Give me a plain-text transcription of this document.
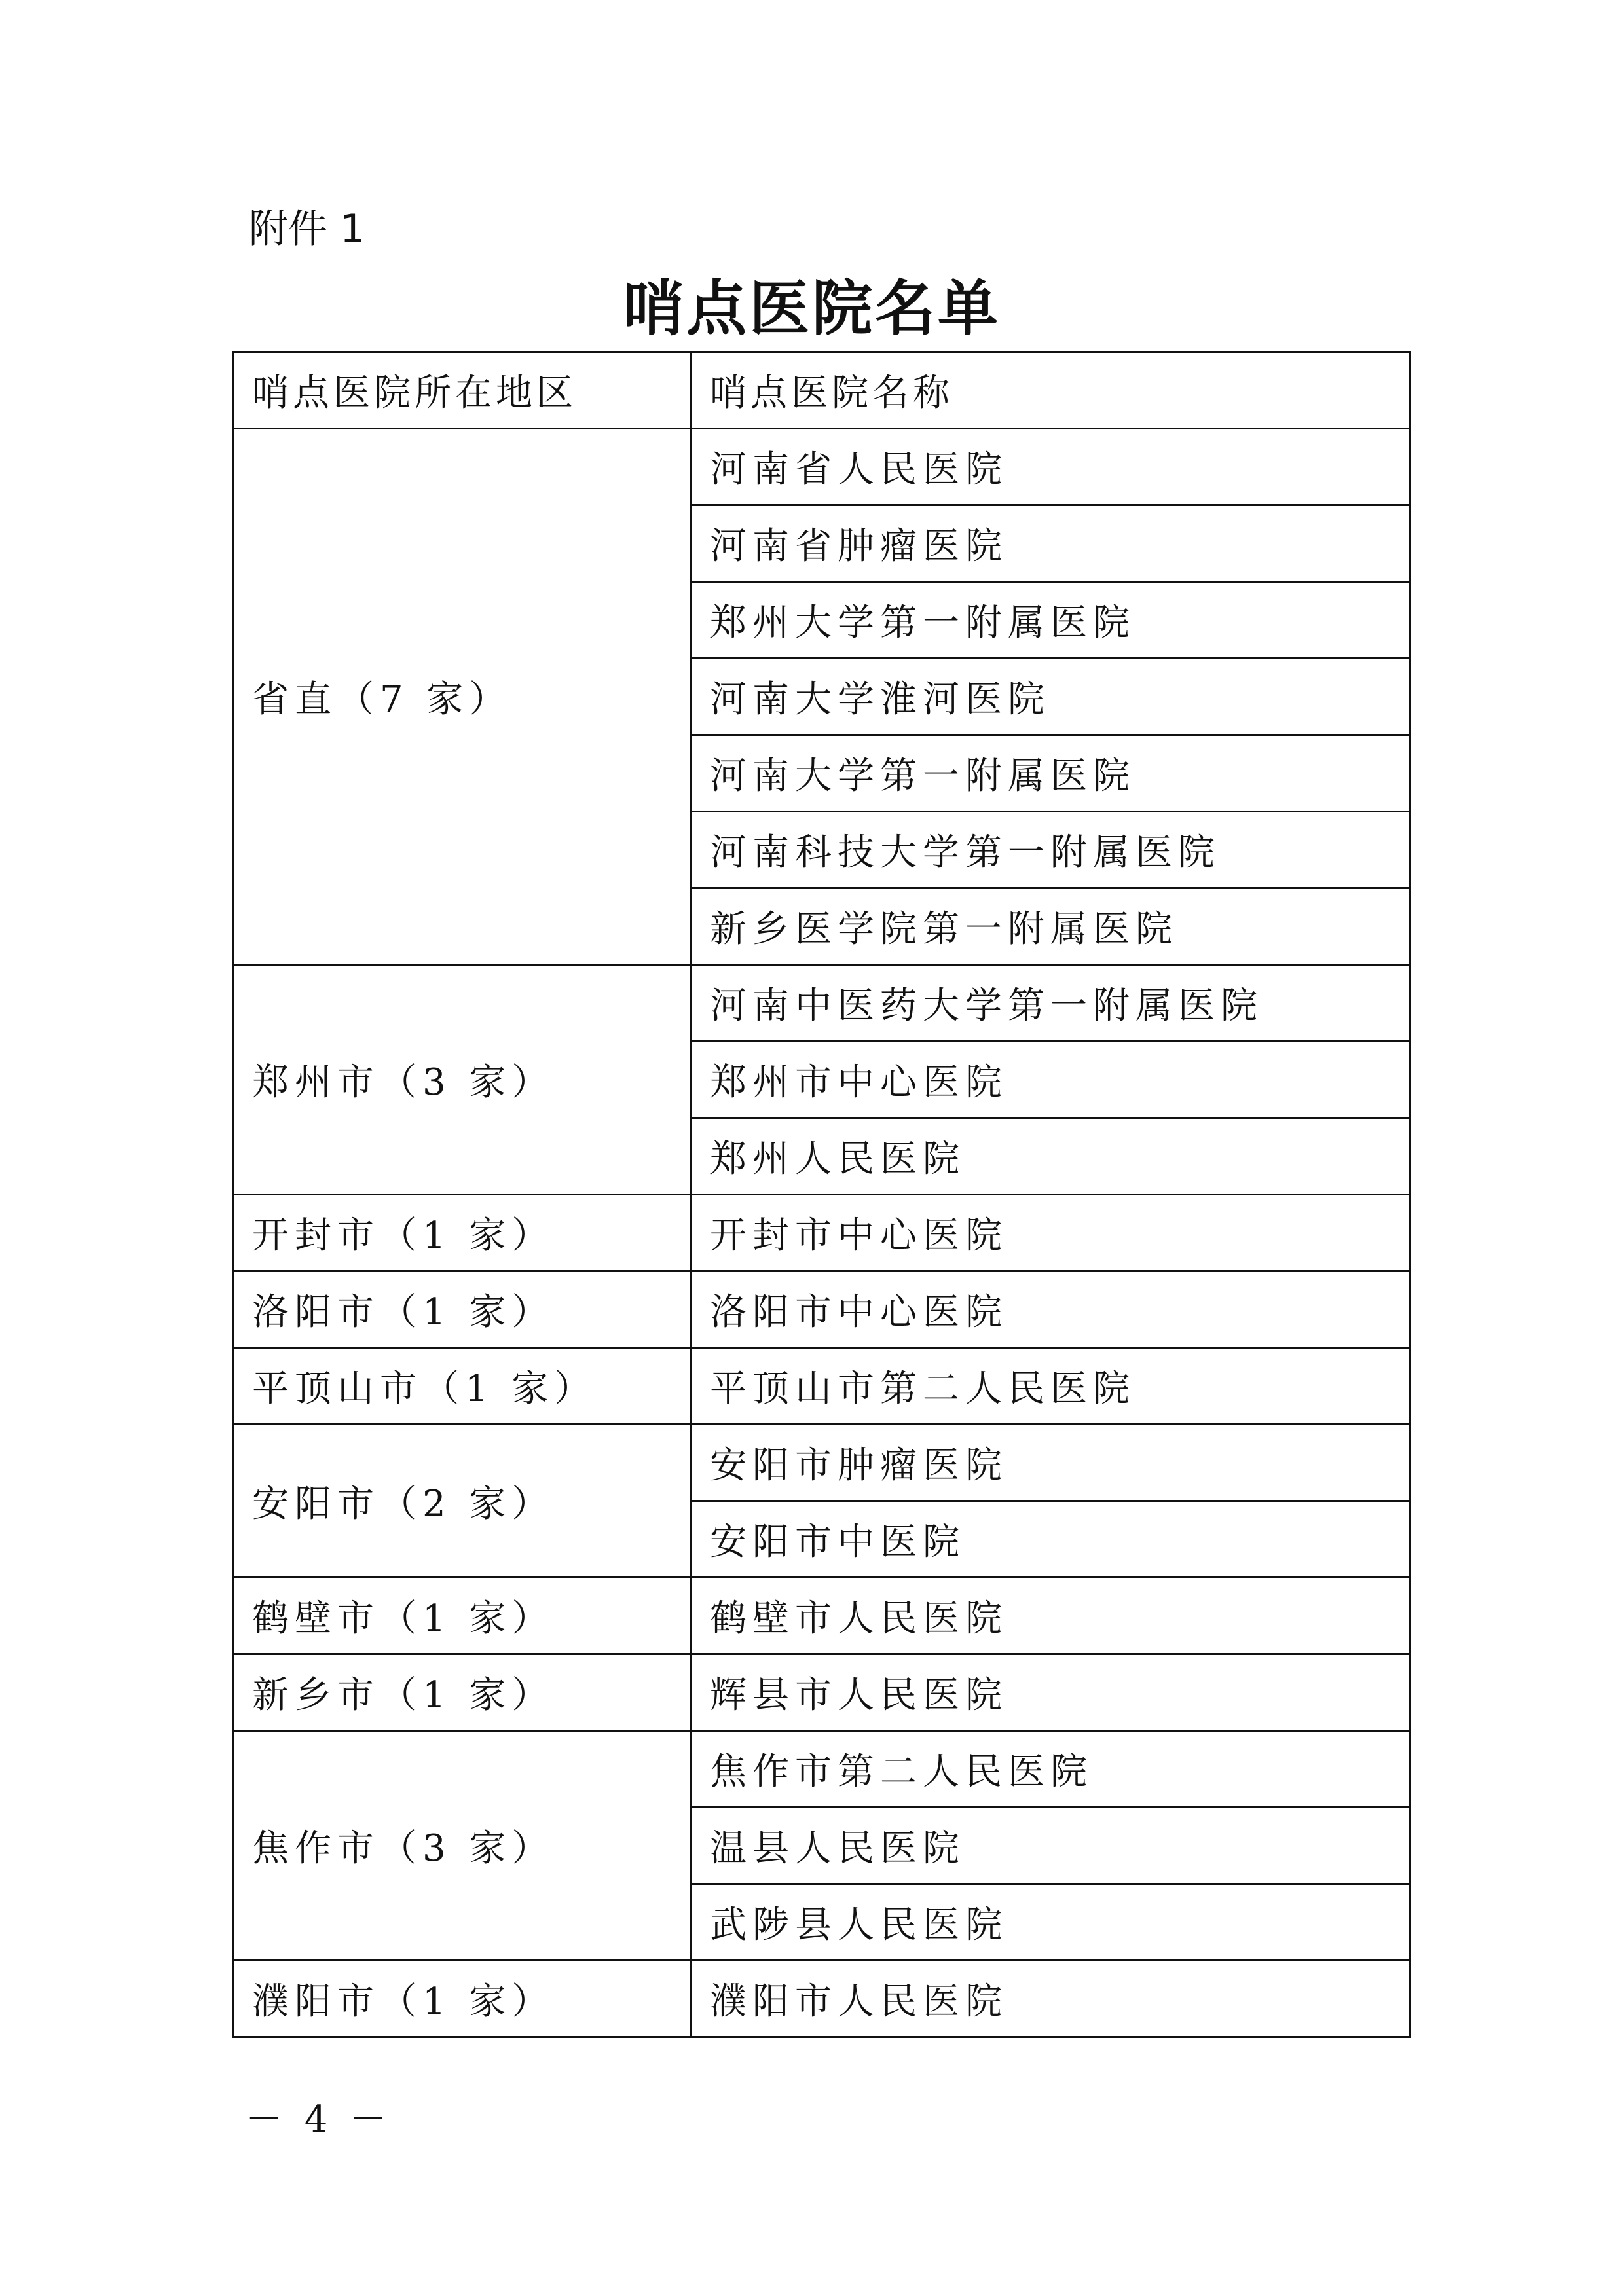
附件 1
哨点医院名单
哨点医院所在地区	哨点医院名称
省直（7 家）	河南省人民医院
	河南省肿瘤医院
	郑州大学第一附属医院
	河南大学淮河医院
	河南大学第一附属医院
	河南科技大学第一附属医院
	新乡医学院第一附属医院
郑州市（3 家）	河南中医药大学第一附属医院
	郑州市中心医院
	郑州人民医院
开封市（1 家）	开封市中心医院
洛阳市（1 家）	洛阳市中心医院
平顶山市（1 家）	平顶山市第二人民医院
安阳市（2 家）	安阳市肿瘤医院
	安阳市中医院
鹤壁市（1 家）	鹤壁市人民医院
新乡市（1 家）	辉县市人民医院
焦作市（3 家）	焦作市第二人民医院
	温县人民医院
	武陟县人民医院
濮阳市（1 家）	濮阳市人民医院
－ 4 －
